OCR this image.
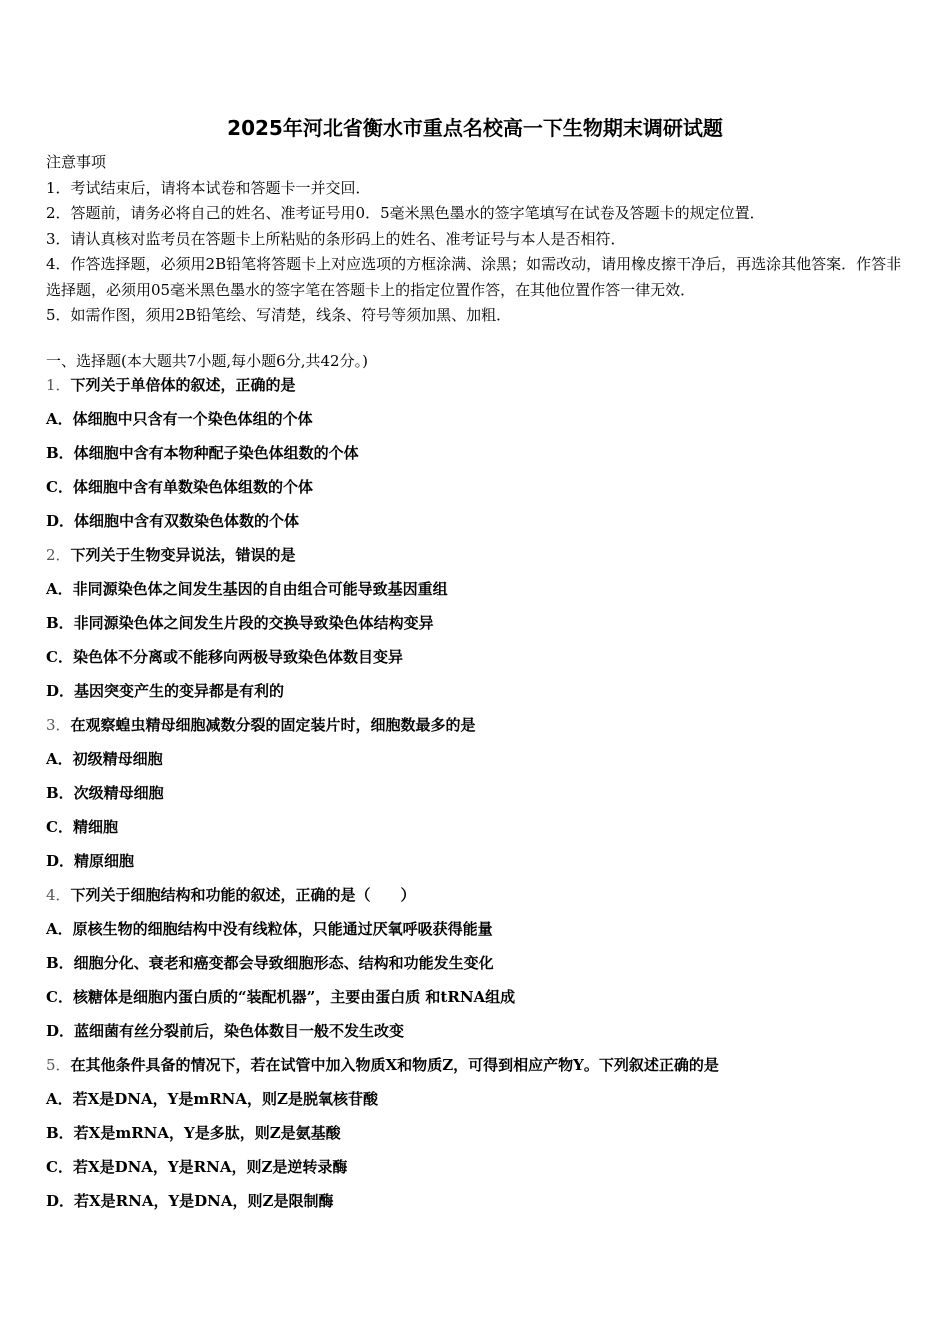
2025年河北省衡水市重点名校高一下生物期末调研试题
注意事项
1．考试结束后，请将本试卷和答题卡一并交回．
2．答题前，请务必将自己的姓名、准考证号用0．5毫米黑色墨水的签字笔填写在试卷及答题卡的规定位置．
3．请认真核对监考员在答题卡上所粘贴的条形码上的姓名、准考证号与本人是否相符．
4．作答选择题，必须用2B铅笔将答题卡上对应选项的方框涂满、涂黑；如需改动，请用橡皮擦干净后，再选涂其他答案．作答非选择题，必须用05毫米黑色墨水的签字笔在答题卡上的指定位置作答，在其他位置作答一律无效．
5．如需作图，须用2B铅笔绘、写清楚，线条、符号等须加黑、加粗．
一、选择题(本大题共7小题,每小题6分,共42分。)
1．下列关于单倍体的叙述，正确的是
A．体细胞中只含有一个染色体组的个体
B．体细胞中含有本物种配子染色体组数的个体
C．体细胞中含有单数染色体组数的个体
D．体细胞中含有双数染色体数的个体
2．下列关于生物变异说法，错误的是
A．非同源染色体之间发生基因的自由组合可能导致基因重组
B．非同源染色体之间发生片段的交换导致染色体结构变异
C．染色体不分离或不能移向两极导致染色体数目变异
D．基因突变产生的变异都是有利的
3．在观察蝗虫精母细胞减数分裂的固定装片时，细胞数最多的是
A．初级精母细胞
B．次级精母细胞
C．精细胞
D．精原细胞
4．下列关于细胞结构和功能的叙述，正确的是（　　）
A．原核生物的细胞结构中没有线粒体，只能通过厌氧呼吸获得能量
B．细胞分化、衰老和癌变都会导致细胞形态、结构和功能发生变化
C．核糖体是细胞内蛋白质的“装配机器”，主要由蛋白质 和tRNA组成
D．蓝细菌有丝分裂前后，染色体数目一般不发生改变
5．在其他条件具备的情况下，若在试管中加入物质X和物质Z，可得到相应产物Y。下列叙述正确的是
A．若X是DNA，Y是mRNA，则Z是脱氧核苷酸
B．若X是mRNA，Y是多肽，则Z是氨基酸
C．若X是DNA，Y是RNA，则Z是逆转录酶
D．若X是RNA，Y是DNA，则Z是限制酶
